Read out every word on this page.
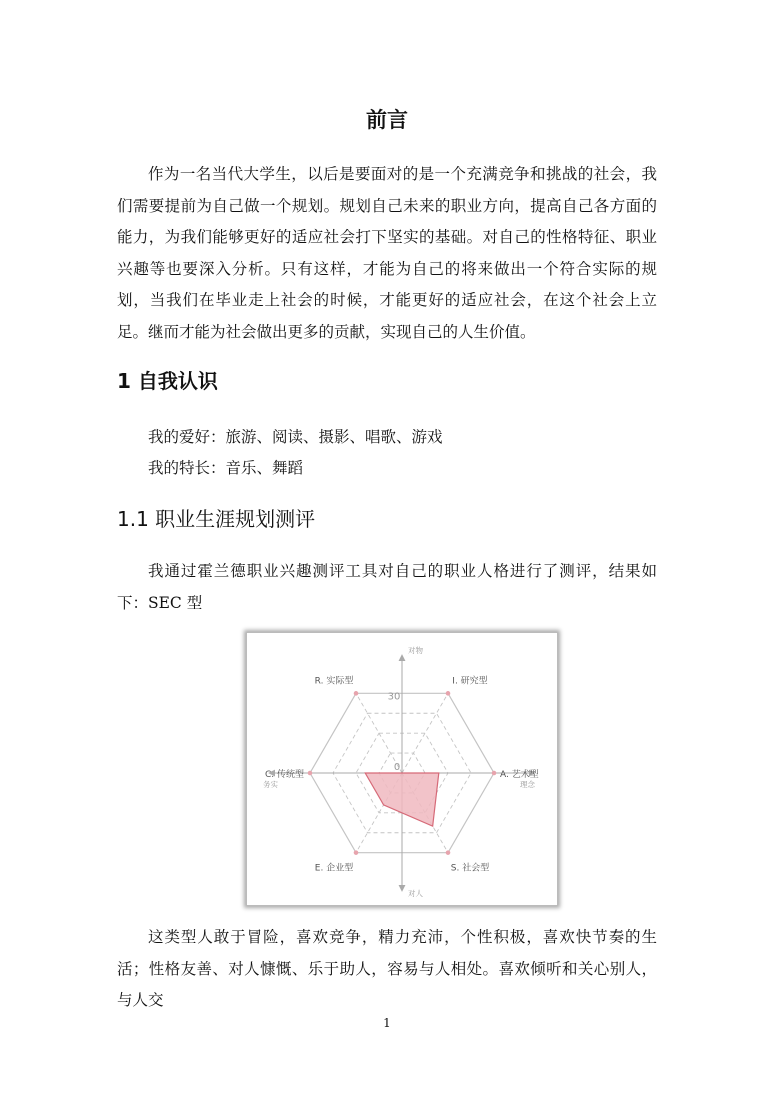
前言

作为一名当代大学生，以后是要面对的是一个充满竞争和挑战的社会，我们需要提前为自己做一个规划。规划自己未来的职业方向，提高自己各方面的能力，为我们能够更好的适应社会打下坚实的基础。对自己的性格特征、职业兴趣等也要深入分析。只有这样，才能为自己的将来做出一个符合实际的规划，当我们在毕业走上社会的时候，才能更好的适应社会，在这个社会上立足。继而才能为社会做出更多的贡献，实现自己的人生价值。

1 自我认识
我的爱好：旅游、阅读、摄影、唱歌、游戏
我的特长：音乐、舞蹈
1.1 职业生涯规划测评

我通过霍兰德职业兴趣测评工具对自己的职业人格进行了测评，结果如下：SEC 型

R. 实际型	I. 研究型
A. 艺术型
S. 社会型
E. 企业型
C. 传统型
0
30
对物
对人
务实	理念

这类型人敢于冒险，喜欢竞争，精力充沛，个性积极，喜欢快节奏的生活；性格友善、对人慷慨、乐于助人，容易与人相处。喜欢倾听和关心别人，与人交

1
